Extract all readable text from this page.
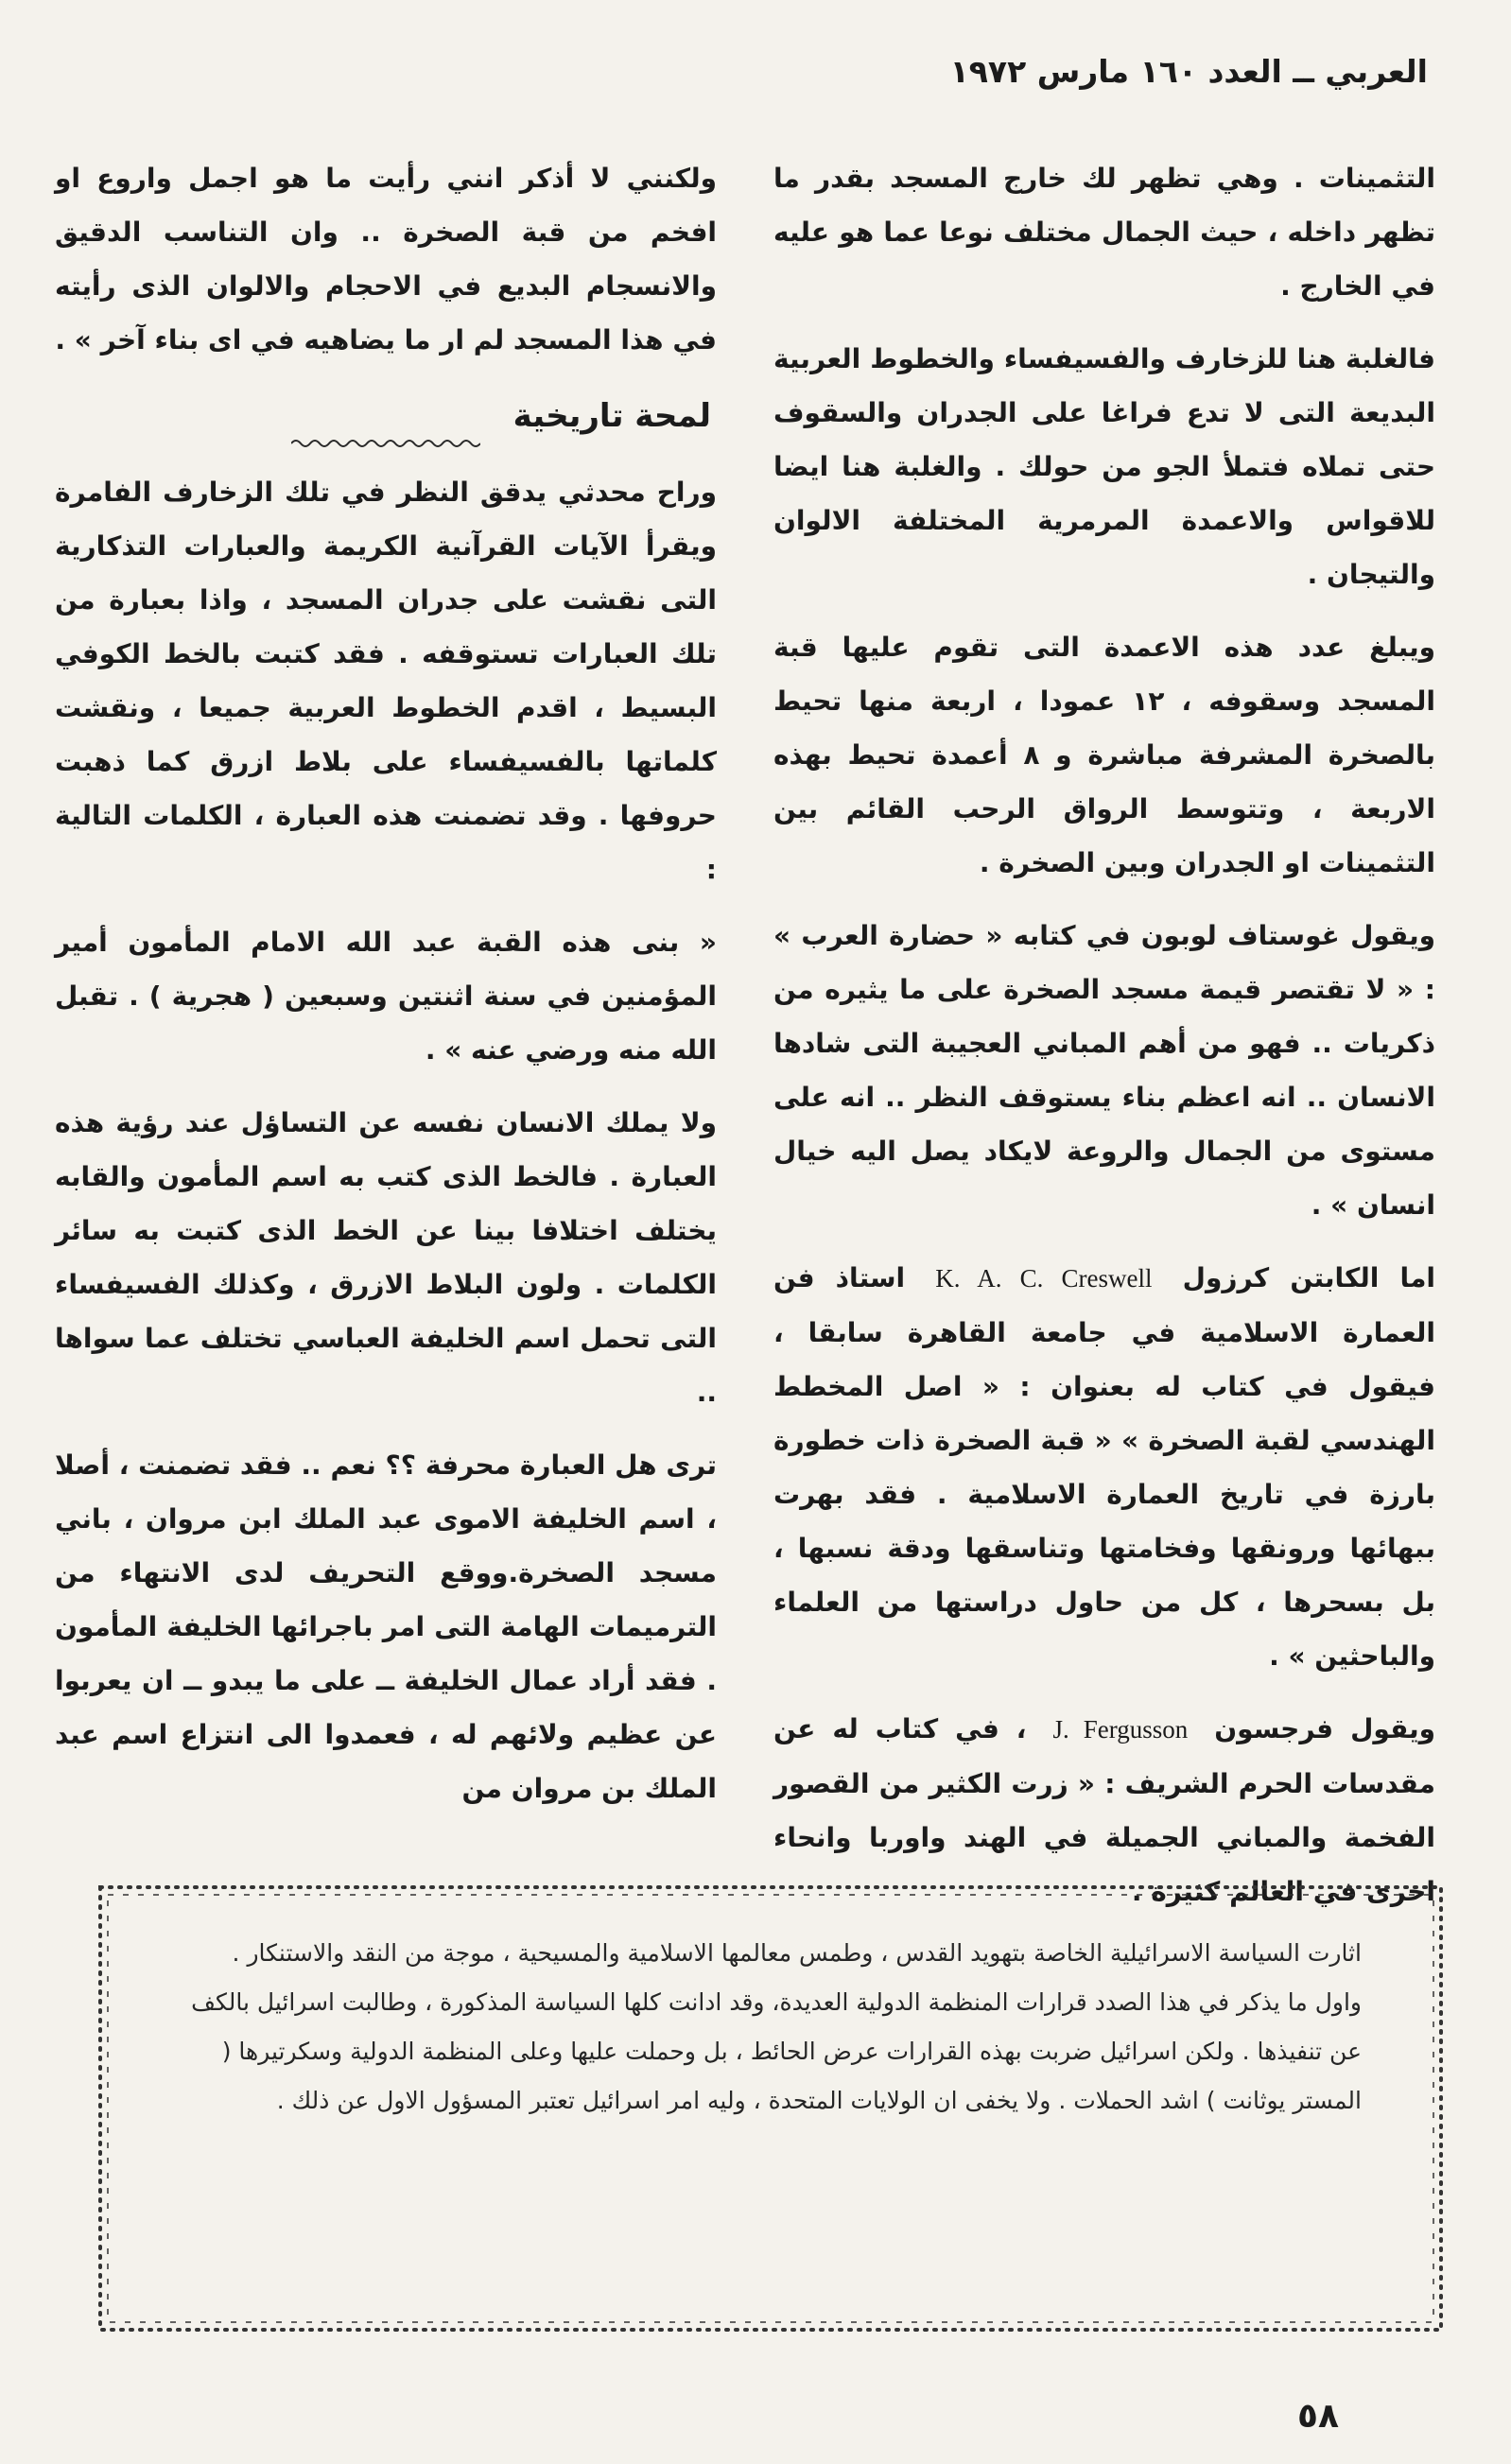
العربي ــ العدد ١٦٠ مارس ١٩٧٢

التثمينات . وهي تظهر لك خارج المسجد بقدر ما تظهر داخله ، حيث الجمال مختلف نوعا عما هو عليه في الخارج .

فالغلبة هنا للزخارف والفسيفساء والخطوط العربية البديعة التى لا تدع فراغا على الجدران والسقوف حتى تملاه فتملأ الجو من حولك . والغلبة هنا ايضا للاقواس والاعمدة المرمرية المختلفة الالوان والتيجان .

ويبلغ عدد هذه الاعمدة التى تقوم عليها قبة المسجد وسقوفه ، ١٢ عمودا ، اربعة منها تحيط بالصخرة المشرفة مباشرة و ٨ أعمدة تحيط بهذه الاربعة ، وتتوسط الرواق الرحب القائم بين التثمينات او الجدران وبين الصخرة .

ويقول غوستاف لوبون في كتابه « حضارة العرب » : « لا تقتصر قيمة مسجد الصخرة على ما يثيره من ذكريات .. فهو من أهم المباني العجيبة التى شادها الانسان .. انه اعظم بناء يستوقف النظر .. انه على مستوى من الجمال والروعة لايكاد يصل اليه خيال انسان » .

اما الكابتن كرزول K. A. C. Creswell استاذ فن العمارة الاسلامية في جامعة القاهرة سابقا ، فيقول في كتاب له بعنوان : « اصل المخطط الهندسي لقبة الصخرة » « قبة الصخرة ذات خطورة بارزة في تاريخ العمارة الاسلامية . فقد بهرت ببهائها ورونقها وفخامتها وتناسقها ودقة نسبها ، بل بسحرها ، كل من حاول دراستها من العلماء والباحثين » .

ويقول فرجسون J. Fergusson ، في كتاب له عن مقدسات الحرم الشريف : « زرت الكثير من القصور الفخمة والمباني الجميلة في الهند واوربا وانحاء اخرى في العالم كثيرة .

ولكنني لا أذكر انني رأيت ما هو اجمل واروع او افخم من قبة الصخرة .. وان التناسب الدقيق والانسجام البديع في الاحجام والالوان الذى رأيته في هذا المسجد لم ار ما يضاهيه في اى بناء آخر » .

لمحة تاريخية

وراح محدثي يدقق النظر في تلك الزخارف الفامرة ويقرأ الآيات القرآنية الكريمة والعبارات التذكارية التى نقشت على جدران المسجد ، واذا بعبارة من تلك العبارات تستوقفه . فقد كتبت بالخط الكوفي البسيط ، اقدم الخطوط العربية جميعا ، ونقشت كلماتها بالفسيفساء على بلاط ازرق كما ذهبت حروفها . وقد تضمنت هذه العبارة ، الكلمات التالية :

« بنى هذه القبة عبد الله الامام المأمون أمير المؤمنين في سنة اثنتين وسبعين ( هجرية ) . تقبل الله منه ورضي عنه » .

ولا يملك الانسان نفسه عن التساؤل عند رؤية هذه العبارة . فالخط الذى كتب به اسم المأمون والقابه يختلف اختلافا بينا عن الخط الذى كتبت به سائر الكلمات . ولون البلاط الازرق ، وكذلك الفسيفساء التى تحمل اسم الخليفة العباسي تختلف عما سواها ..

ترى هل العبارة محرفة ؟؟ نعم .. فقد تضمنت ، أصلا ، اسم الخليفة الاموى عبد الملك ابن مروان ، باني مسجد الصخرة.ووقع التحريف لدى الانتهاء من الترميمات الهامة التى امر باجرائها الخليفة المأمون . فقد أراد عمال الخليفة ــ على ما يبدو ــ ان يعربوا عن عظيم ولائهم له ، فعمدوا الى انتزاع اسم عبد الملك بن مروان من

اثارت السياسة الاسرائيلية الخاصة بتهويد القدس ، وطمس معالمها الاسلامية والمسيحية ، موجة من النقد والاستنكار . واول ما يذكر في هذا الصدد قرارات المنظمة الدولية العديدة، وقد ادانت كلها السياسة المذكورة ، وطالبت اسرائيل بالكف عن تنفيذها . ولكن اسرائيل ضربت بهذه القرارات عرض الحائط ، بل وحملت عليها وعلى المنظمة الدولية وسكرتيرها ( المستر يوثانت ) اشد الحملات . ولا يخفى ان الولايات المتحدة ، وليه امر اسرائيل تعتبر المسؤول الاول عن ذلك .
٥٨
